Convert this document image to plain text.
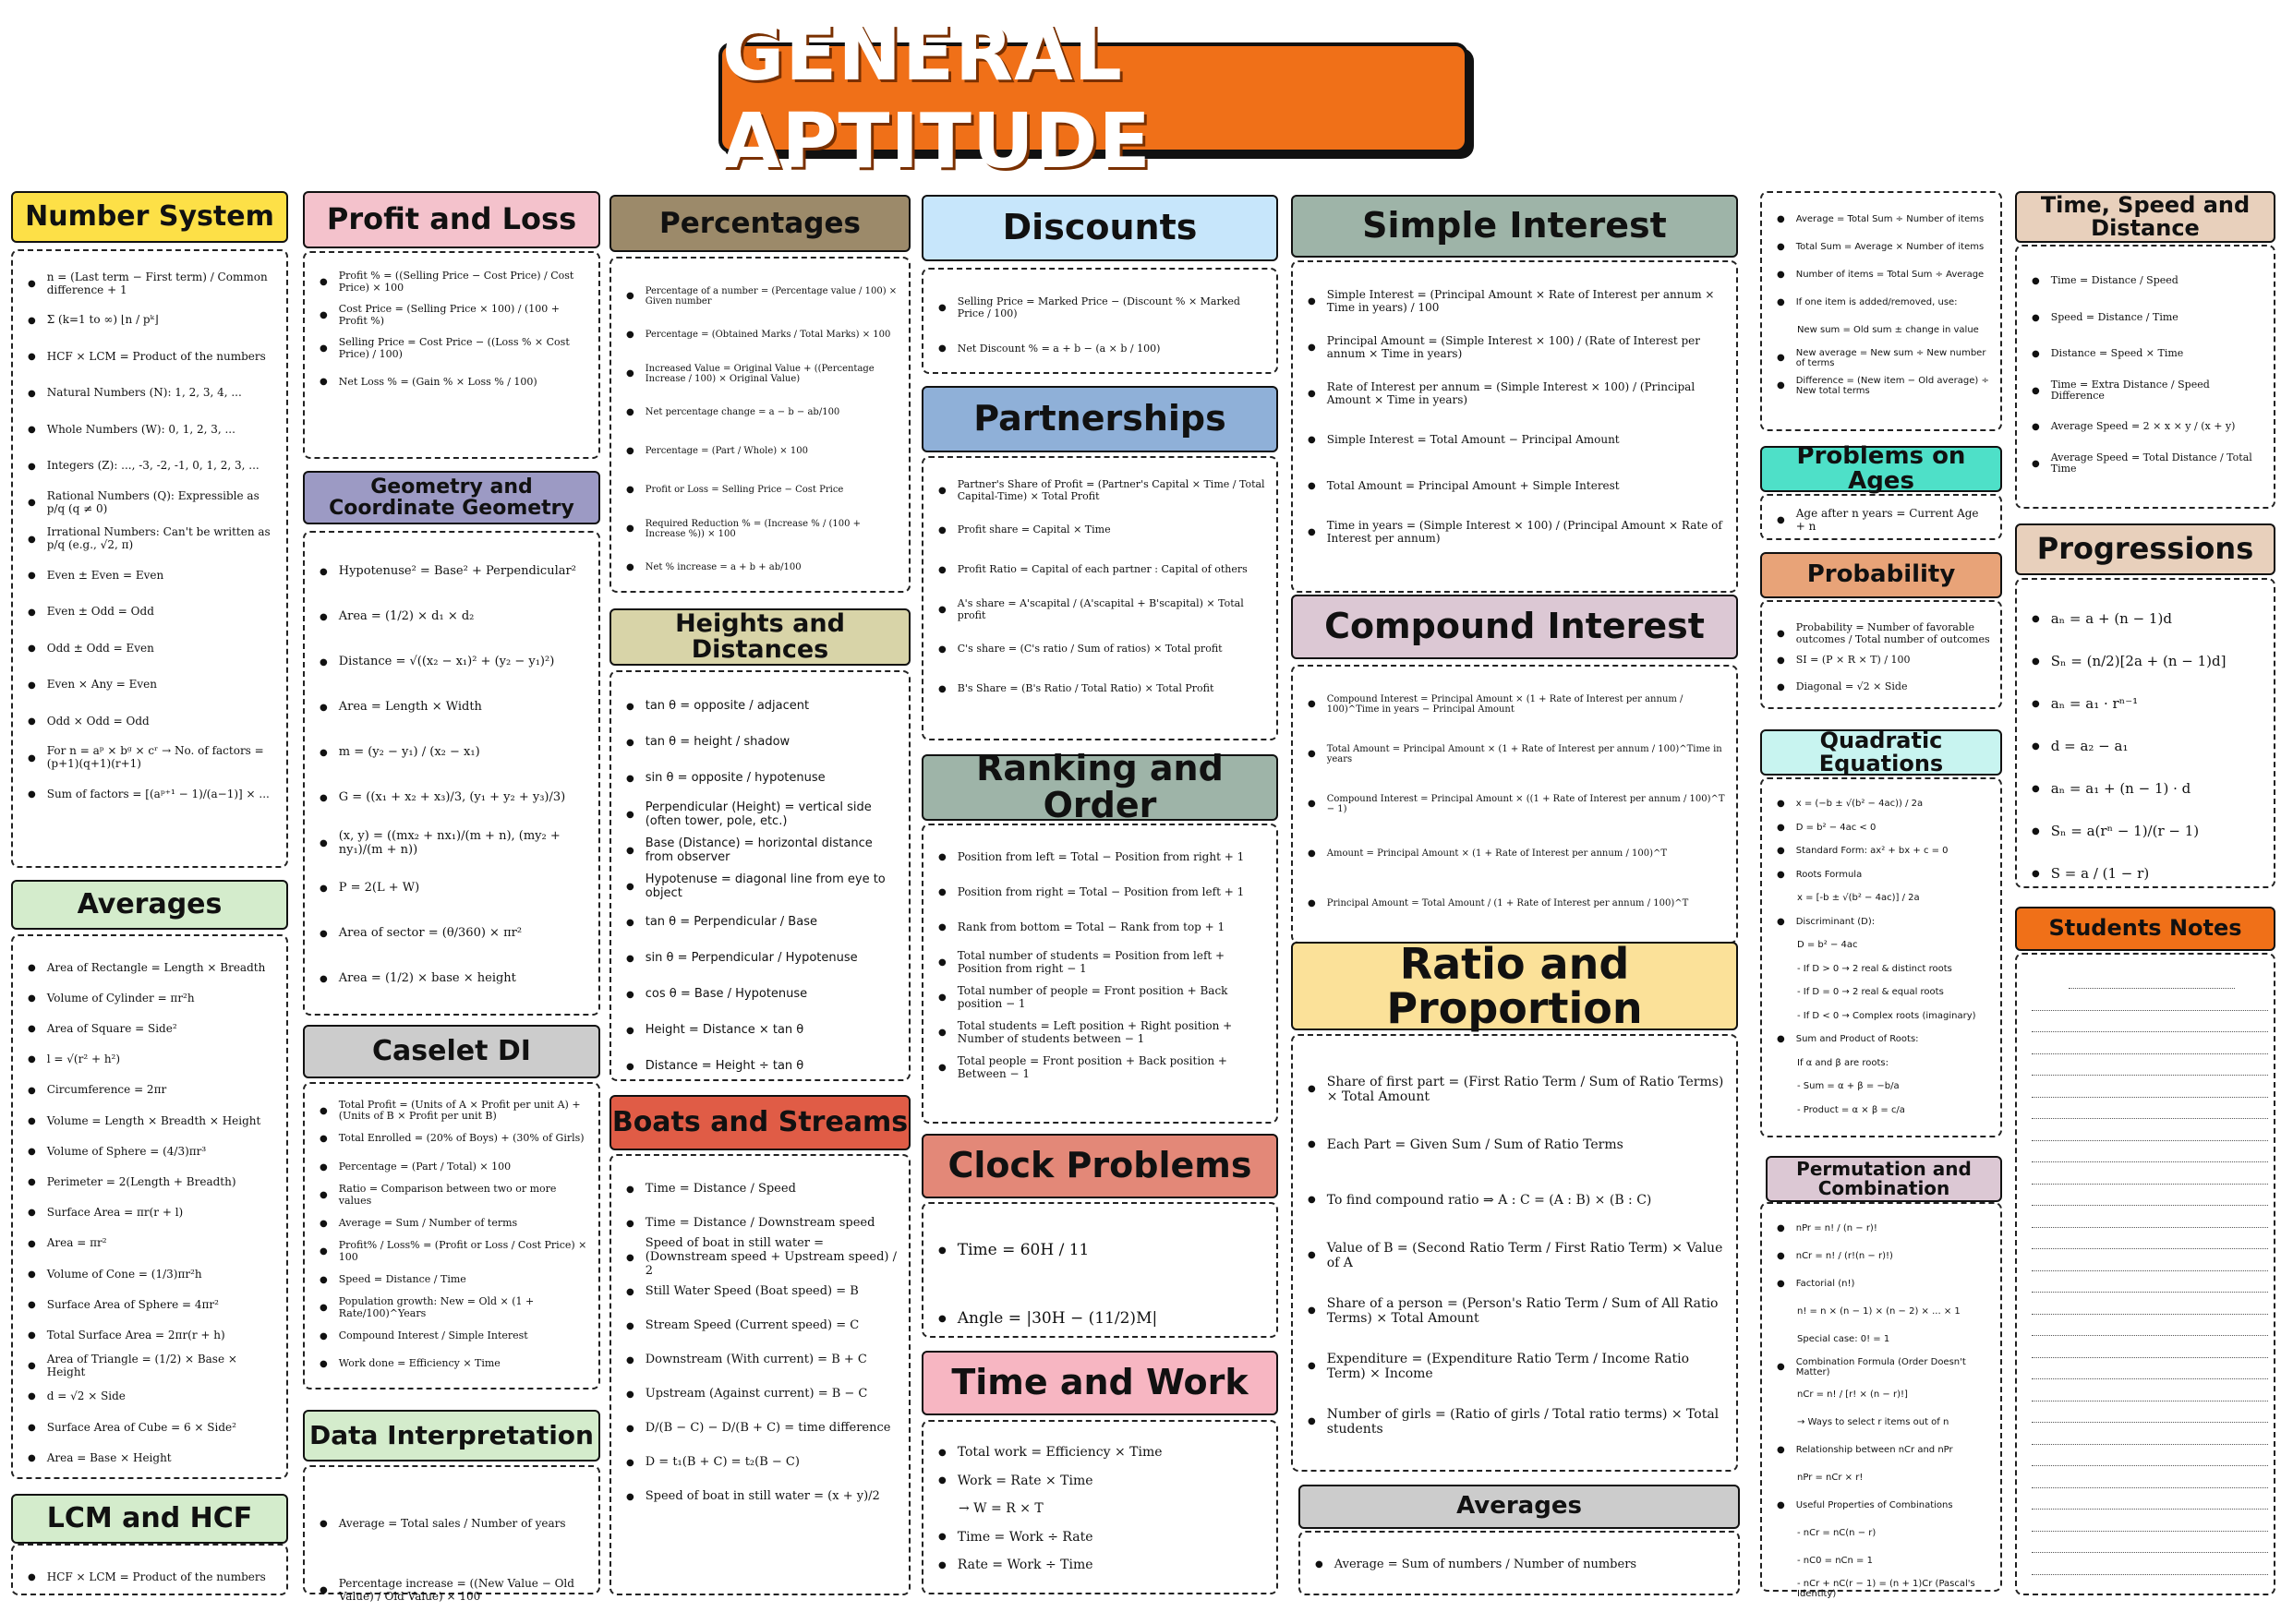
GENERAL APTITUDE
Number System
● n = (Last term − First term) / Common difference + 1
● Σ (k=1 to ∞) ⌊n / pᵏ⌋
● HCF × LCM = Product of the numbers
● Natural Numbers (N): 1, 2, 3, 4, ...
● Whole Numbers (W): 0, 1, 2, 3, ...
● Integers (Z): ..., -3, -2, -1, 0, 1, 2, 3, ...
● Rational Numbers (Q): Expressible as p/q (q ≠ 0)
● Irrational Numbers: Can't be written as p/q (e.g., √2, π)
● Even ± Even = Even
● Even ± Odd = Odd
● Odd ± Odd = Even
● Even × Any = Even
● Odd × Odd = Odd
● For n = aᵖ × bᵍ × cʳ → No. of factors = (p+1)(q+1)(r+1)
● Sum of factors = [(aᵖ⁺¹ − 1)/(a−1)] × ...
Averages
● Area of Rectangle = Length × Breadth
● Volume of Cylinder = πr²h
● Area of Square = Side²
● l = √(r² + h²)
● Circumference = 2πr
● Volume = Length × Breadth × Height
● Volume of Sphere = (4/3)πr³
● Perimeter = 2(Length + Breadth)
● Surface Area = πr(r + l)
● Area = πr²
● Volume of Cone = (1/3)πr²h
● Surface Area of Sphere = 4πr²
● Total Surface Area = 2πr(r + h)
● Area of Triangle = (1/2) × Base × Height
● d = √2 × Side
● Surface Area of Cube = 6 × Side²
● Area = Base × Height
LCM and HCF
● HCF × LCM = Product of the numbers
Profit and Loss
● Profit % = ((Selling Price − Cost Price) / Cost Price) × 100
● Cost Price = (Selling Price × 100) / (100 + Profit %)
● Selling Price = Cost Price − ((Loss % × Cost Price) / 100)
● Net Loss % = (Gain % × Loss % / 100)
Geometry and Coordinate Geometry
● Hypotenuse² = Base² + Perpendicular²
● Area = (1/2) × d₁ × d₂
● Distance = √((x₂ − x₁)² + (y₂ − y₁)²)
● Area = Length × Width
● m = (y₂ − y₁) / (x₂ − x₁)
● G = ((x₁ + x₂ + x₃)/3, (y₁ + y₂ + y₃)/3)
● (x, y) = ((mx₂ + nx₁)/(m + n), (my₂ + ny₁)/(m + n))
● P = 2(L + W)
● Area of sector = (θ/360) × πr²
● Area = (1/2) × base × height
Caselet DI
● Total Profit = (Units of A × Profit per unit A) + (Units of B × Profit per unit B)
● Total Enrolled = (20% of Boys) + (30% of Girls)
● Percentage = (Part / Total) × 100
● Ratio = Comparison between two or more values
● Average = Sum / Number of terms
● Profit% / Loss% = (Profit or Loss / Cost Price) × 100
● Speed = Distance / Time
● Population growth: New = Old × (1 + Rate/100)^Years
● Compound Interest / Simple Interest
● Work done = Efficiency × Time
Data Interpretation
● Average = Total sales / Number of years
● Percentage increase = ((New Value − Old Value) / Old Value) × 100
Percentages
● Percentage of a number = (Percentage value / 100) × Given number
● Percentage = (Obtained Marks / Total Marks) × 100
● Increased Value = Original Value + ((Percentage Increase / 100) × Original Value)
● Net percentage change = a − b − ab/100
● Percentage = (Part / Whole) × 100
● Profit or Loss = Selling Price − Cost Price
● Required Reduction % = (Increase % / (100 + Increase %)) × 100
● Net % increase = a + b + ab/100
Heights and Distances
● tan θ = opposite / adjacent
● tan θ = height / shadow
● sin θ = opposite / hypotenuse
● Perpendicular (Height) = vertical side (often tower, pole, etc.)
● Base (Distance) = horizontal distance from observer
● Hypotenuse = diagonal line from eye to object
● tan θ = Perpendicular / Base
● sin θ = Perpendicular / Hypotenuse
● cos θ = Base / Hypotenuse
● Height = Distance × tan θ
● Distance = Height ÷ tan θ
Boats and Streams
● Time = Distance / Speed
● Time = Distance / Downstream speed
● Speed of boat in still water = (Downstream speed + Upstream speed) / 2
● Still Water Speed (Boat speed) = B
● Stream Speed (Current speed) = C
● Downstream (With current) = B + C
● Upstream (Against current) = B − C
● D/(B − C) − D/(B + C) = time difference
● D = t₁(B + C) = t₂(B − C)
● Speed of boat in still water = (x + y)/2
Discounts
● Selling Price = Marked Price − (Discount % × Marked Price / 100)
● Net Discount % = a + b − (a × b / 100)
Partnerships
● Partner's Share of Profit = (Partner's Capital × Time / Total Capital-Time) × Total Profit
● Profit share = Capital × Time
● Profit Ratio = Capital of each partner : Capital of others
● A's share = A'scapital / (A'scapital + B'scapital) × Total profit
● C's share = (C's ratio / Sum of ratios) × Total profit
● B's Share = (B's Ratio / Total Ratio) × Total Profit
Ranking and Order
● Position from left = Total − Position from right + 1
● Position from right = Total − Position from left + 1
● Rank from bottom = Total − Rank from top + 1
● Total number of students = Position from left + Position from right − 1
● Total number of people = Front position + Back position − 1
● Total students = Left position + Right position + Number of students between − 1
● Total people = Front position + Back position + Between − 1
Clock Problems
● Time = 60H / 11
● Angle = |30H − (11/2)M|
Time and Work
● Total work = Efficiency × Time
● Work = Rate × Time
→ W = R × T
● Time = Work ÷ Rate
● Rate = Work ÷ Time
Simple Interest
● Simple Interest = (Principal Amount × Rate of Interest per annum × Time in years) / 100
● Principal Amount = (Simple Interest × 100) / (Rate of Interest per annum × Time in years)
● Rate of Interest per annum = (Simple Interest × 100) / (Principal Amount × Time in years)
● Simple Interest = Total Amount − Principal Amount
● Total Amount = Principal Amount + Simple Interest
● Time in years = (Simple Interest × 100) / (Principal Amount × Rate of Interest per annum)
Compound Interest
● Compound Interest = Principal Amount × (1 + Rate of Interest per annum / 100)^Time in years − Principal Amount
● Total Amount = Principal Amount × (1 + Rate of Interest per annum / 100)^Time in years
● Compound Interest = Principal Amount × ((1 + Rate of Interest per annum / 100)^T − 1)
● Amount = Principal Amount × (1 + Rate of Interest per annum / 100)^T
● Principal Amount = Total Amount / (1 + Rate of Interest per annum / 100)^T
Ratio and Proportion
● Share of first part = (First Ratio Term / Sum of Ratio Terms) × Total Amount
● Each Part = Given Sum / Sum of Ratio Terms
● To find compound ratio ⇒ A : C = (A : B) × (B : C)
● Value of B = (Second Ratio Term / First Ratio Term) × Value of A
● Share of a person = (Person's Ratio Term / Sum of All Ratio Terms) × Total Amount
● Expenditure = (Expenditure Ratio Term / Income Ratio Term) × Income
● Number of girls = (Ratio of girls / Total ratio terms) × Total students
Averages
● Average = Sum of numbers / Number of numbers
● Average = Total Sum ÷ Number of items
● Total Sum = Average × Number of items
● Number of items = Total Sum ÷ Average
● If one item is added/removed, use:
New sum = Old sum ± change in value
● New average = New sum ÷ New number of terms
● Difference = (New item − Old average) ÷ New total terms
Problems on Ages
● Age after n years = Current Age + n
Probability
● Probability = Number of favorable outcomes / Total number of outcomes
● SI = (P × R × T) / 100
● Diagonal = √2 × Side
Quadratic Equations
● x = (−b ± √(b² − 4ac)) / 2a
● D = b² − 4ac < 0
● Standard Form: ax² + bx + c = 0
● Roots Formula
x = [-b ± √(b² − 4ac)] / 2a
● Discriminant (D):
D = b² − 4ac
- If D > 0 → 2 real & distinct roots
- If D = 0 → 2 real & equal roots
- If D < 0 → Complex roots (imaginary)
● Sum and Product of Roots:
If α and β are roots:
- Sum = α + β = −b/a
- Product = α × β = c/a
Permutation and Combination
● nPr = n! / (n − r)!
● nCr = n! / (r!(n − r)!)
● Factorial (n!)
n! = n × (n − 1) × (n − 2) × ... × 1
Special case: 0! = 1
● Combination Formula (Order Doesn't Matter)
nCr = n! / [r! × (n − r)!]
→ Ways to select r items out of n
● Relationship between nCr and nPr
nPr = nCr × r!
● Useful Properties of Combinations
- nCr = nC(n − r)
- nC0 = nCn = 1
- nCr + nC(r − 1) = (n + 1)Cr (Pascal's Identity)
Time, Speed and Distance
● Time = Distance / Speed
● Speed = Distance / Time
● Distance = Speed × Time
● Time = Extra Distance / Speed Difference
● Average Speed = 2 × x × y / (x + y)
● Average Speed = Total Distance / Total Time
Progressions
● aₙ = a + (n − 1)d
● Sₙ = (n/2)[2a + (n − 1)d]
● aₙ = a₁ · rⁿ⁻¹
● d = a₂ − a₁
● aₙ = a₁ + (n − 1) · d
● Sₙ = a(rⁿ − 1)/(r − 1)
● S = a / (1 − r)
Students Notes
